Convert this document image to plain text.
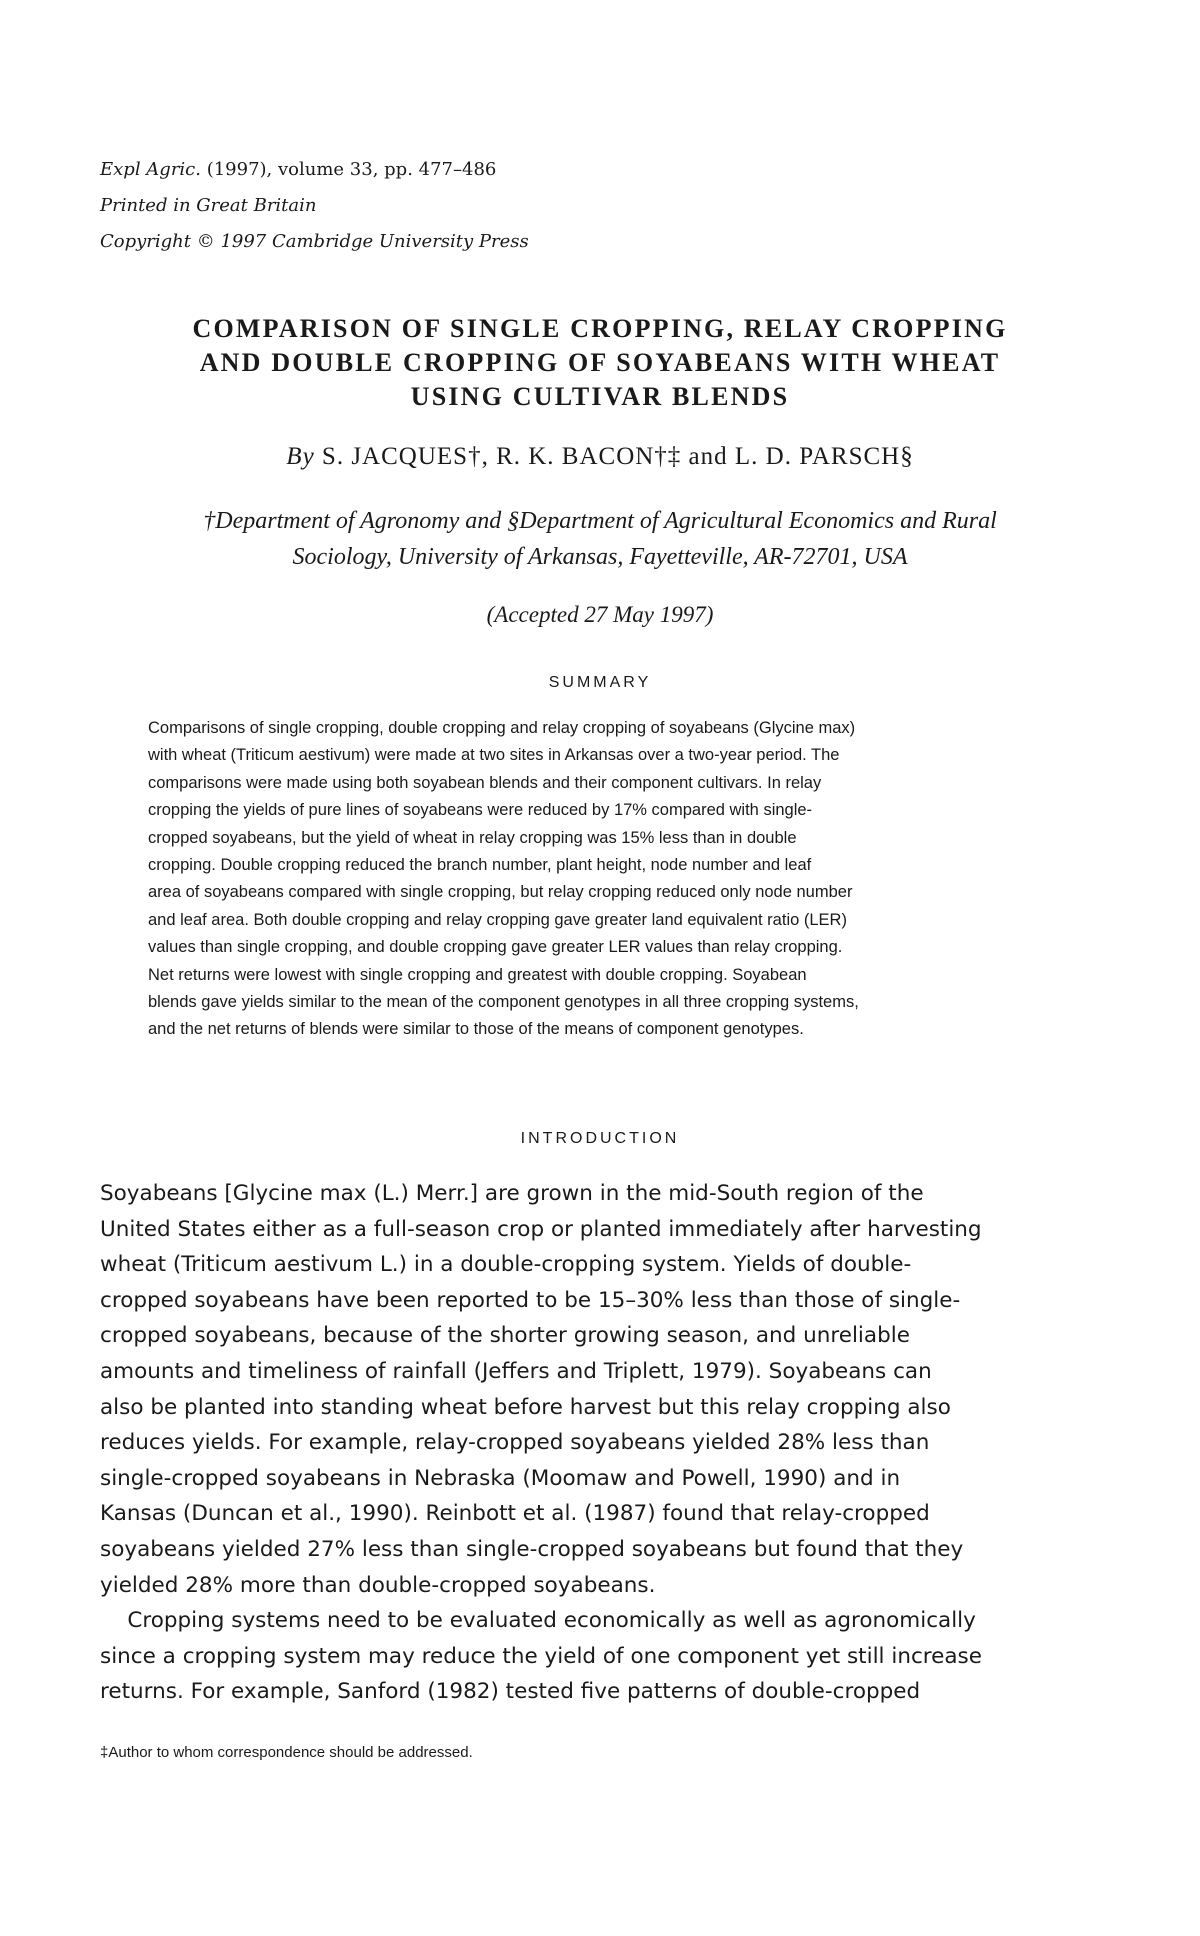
Expl Agric. (1997), volume 33, pp. 477–486
Printed in Great Britain
Copyright © 1997 Cambridge University Press
COMPARISON OF SINGLE CROPPING, RELAY CROPPING
AND DOUBLE CROPPING OF SOYABEANS WITH WHEAT
USING CULTIVAR BLENDS
By S. JACQUES†, R. K. BACON†‡ and L. D. PARSCH§
†Department of Agronomy and §Department of Agricultural Economics and Rural
Sociology, University of Arkansas, Fayetteville, AR-72701, USA
(Accepted 27 May 1997)
SUMMARY
Comparisons of single cropping, double cropping and relay cropping of soyabeans (Glycine max)
with wheat (Triticum aestivum) were made at two sites in Arkansas over a two-year period. The
comparisons were made using both soyabean blends and their component cultivars. In relay
cropping the yields of pure lines of soyabeans were reduced by 17% compared with single-
cropped soyabeans, but the yield of wheat in relay cropping was 15% less than in double
cropping. Double cropping reduced the branch number, plant height, node number and leaf
area of soyabeans compared with single cropping, but relay cropping reduced only node number
and leaf area. Both double cropping and relay cropping gave greater land equivalent ratio (LER)
values than single cropping, and double cropping gave greater LER values than relay cropping.
Net returns were lowest with single cropping and greatest with double cropping. Soyabean
blends gave yields similar to the mean of the component genotypes in all three cropping systems,
and the net returns of blends were similar to those of the means of component genotypes.
INTRODUCTION
Soyabeans [Glycine max (L.) Merr.] are grown in the mid-South region of the
United States either as a full-season crop or planted immediately after harvesting
wheat (Triticum aestivum L.) in a double-cropping system. Yields of double-
cropped soyabeans have been reported to be 15–30% less than those of single-
cropped soyabeans, because of the shorter growing season, and unreliable
amounts and timeliness of rainfall (Jeffers and Triplett, 1979). Soyabeans can
also be planted into standing wheat before harvest but this relay cropping also
reduces yields. For example, relay-cropped soyabeans yielded 28% less than
single-cropped soyabeans in Nebraska (Moomaw and Powell, 1990) and in
Kansas (Duncan et al., 1990). Reinbott et al. (1987) found that relay-cropped
soyabeans yielded 27% less than single-cropped soyabeans but found that they
yielded 28% more than double-cropped soyabeans.
Cropping systems need to be evaluated economically as well as agronomically
since a cropping system may reduce the yield of one component yet still increase
returns. For example, Sanford (1982) tested five patterns of double-cropped
‡Author to whom correspondence should be addressed.
